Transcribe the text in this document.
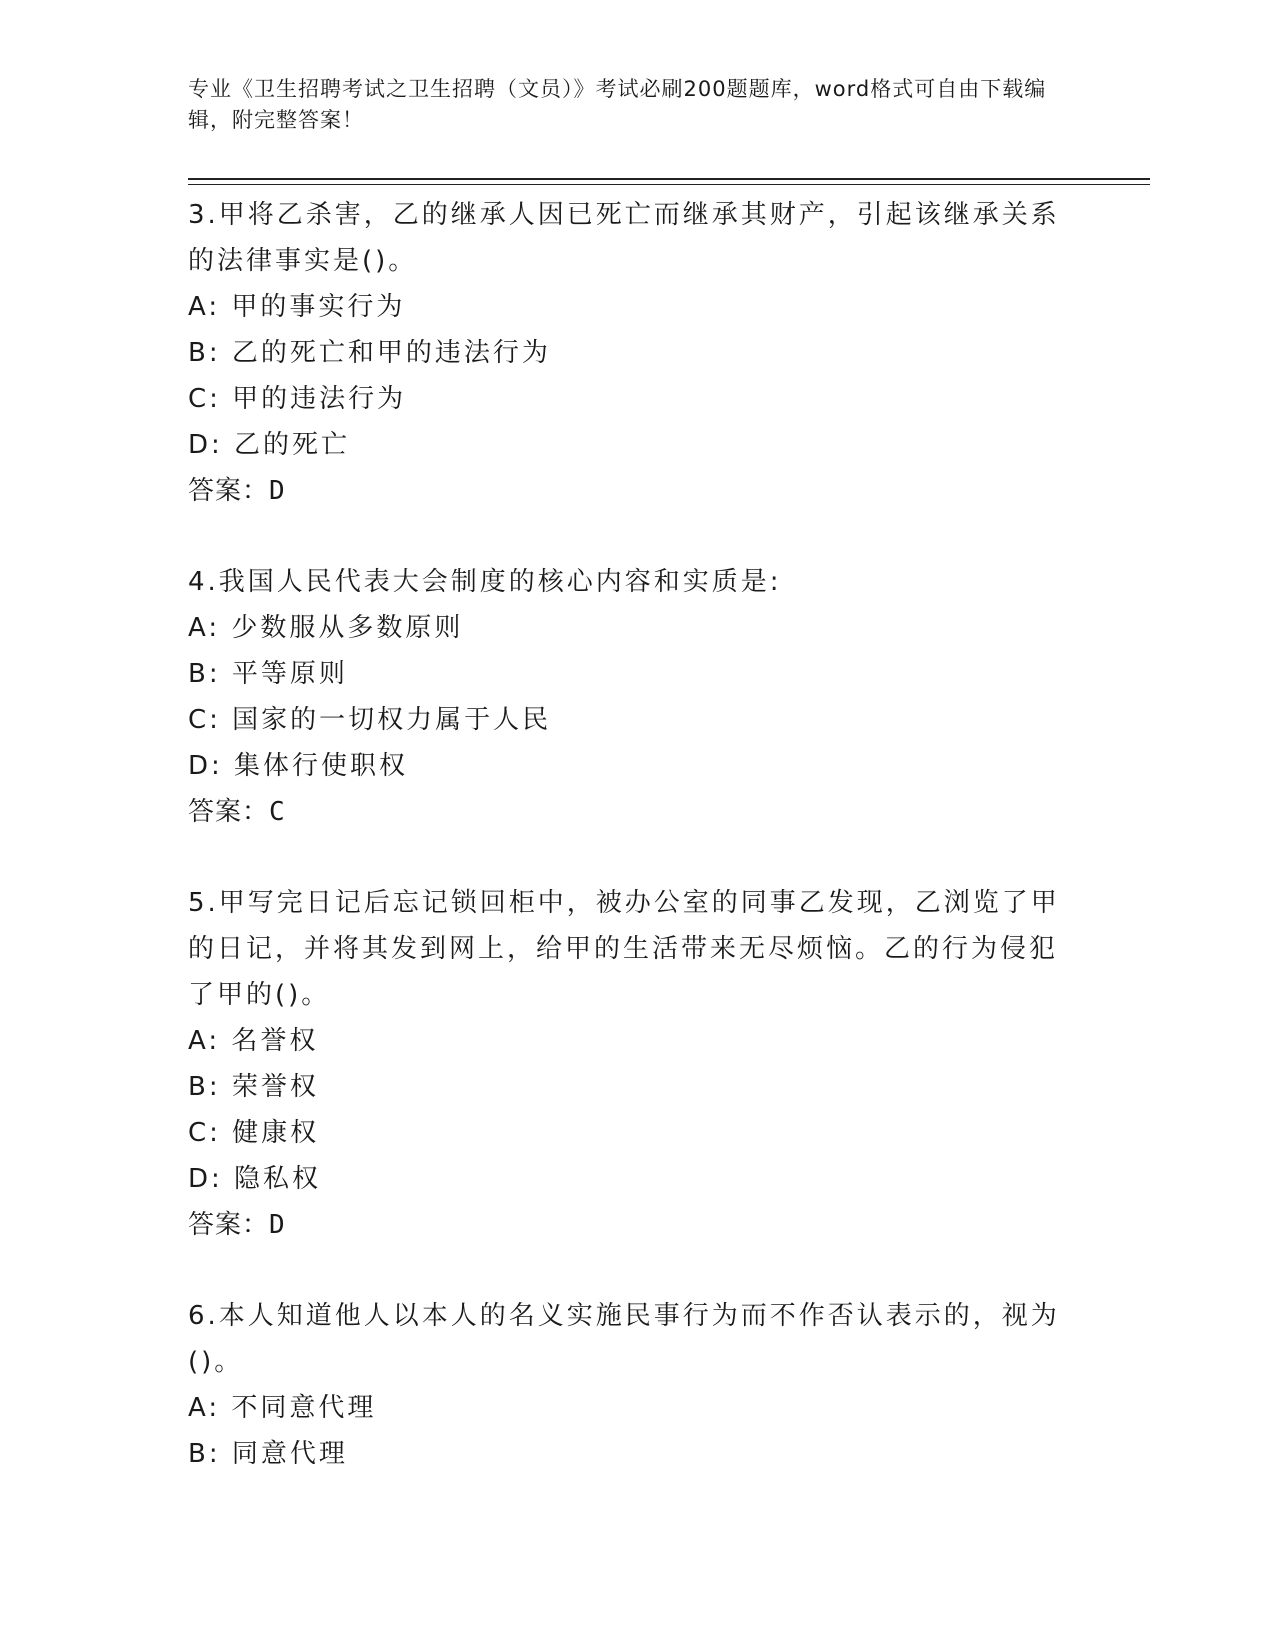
专业《卫生招聘考试之卫生招聘（文员）》考试必刷200题题库，word格式可自由下载编辑，附完整答案！

3.甲将乙杀害，乙的继承人因已死亡而继承其财产，引起该继承关系的法律事实是()。

A: 甲的事实行为

B: 乙的死亡和甲的违法行为

C: 甲的违法行为

D: 乙的死亡

答案：D

4.我国人民代表大会制度的核心内容和实质是:

A: 少数服从多数原则

B: 平等原则

C: 国家的一切权力属于人民

D: 集体行使职权

答案：C

5.甲写完日记后忘记锁回柜中，被办公室的同事乙发现，乙浏览了甲的日记，并将其发到网上，给甲的生活带来无尽烦恼。乙的行为侵犯了甲的()。

A: 名誉权

B: 荣誉权

C: 健康权

D: 隐私权

答案：D

6.本人知道他人以本人的名义实施民事行为而不作否认表示的，视为()。

A: 不同意代理

B: 同意代理
